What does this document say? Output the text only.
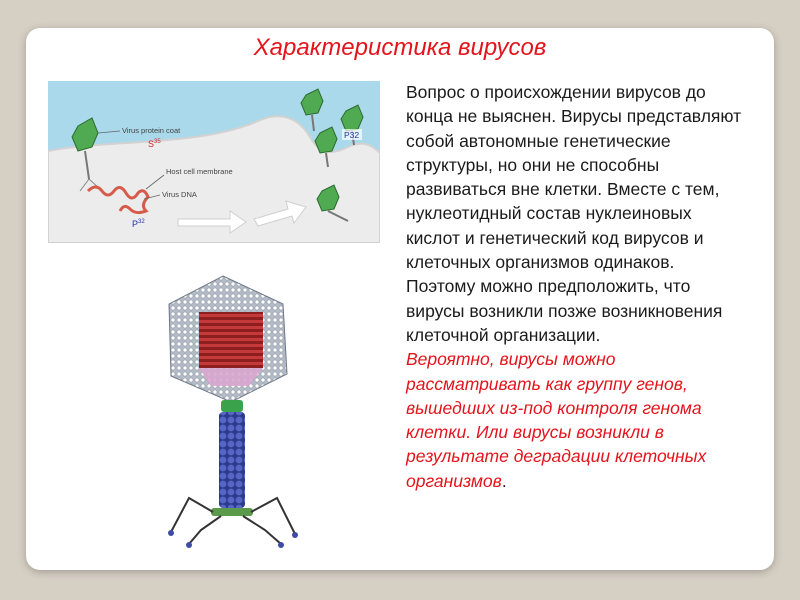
Характеристика вирусов
Virus protein coat
$S^{35}$
Host cell membrane
Virus DNA
$P^{32}$
P32
Вопрос о происхождении вирусов до конца не выяснен. Вирусы представляют собой автономные генетические структуры, но они не способны развиваться вне клетки. Вместе с тем, нуклеотидный состав нуклеиновых кислот и генетический код вирусов и клеточных организмов одинаков. Поэтому можно предположить, что вирусы возникли позже возникновения клеточной организации.
Вероятно, вирусы можно рассматривать как группу генов, вышедших из-под контроля генома клетки. Или вирусы возникли в результате деградации клеточных организмов.
